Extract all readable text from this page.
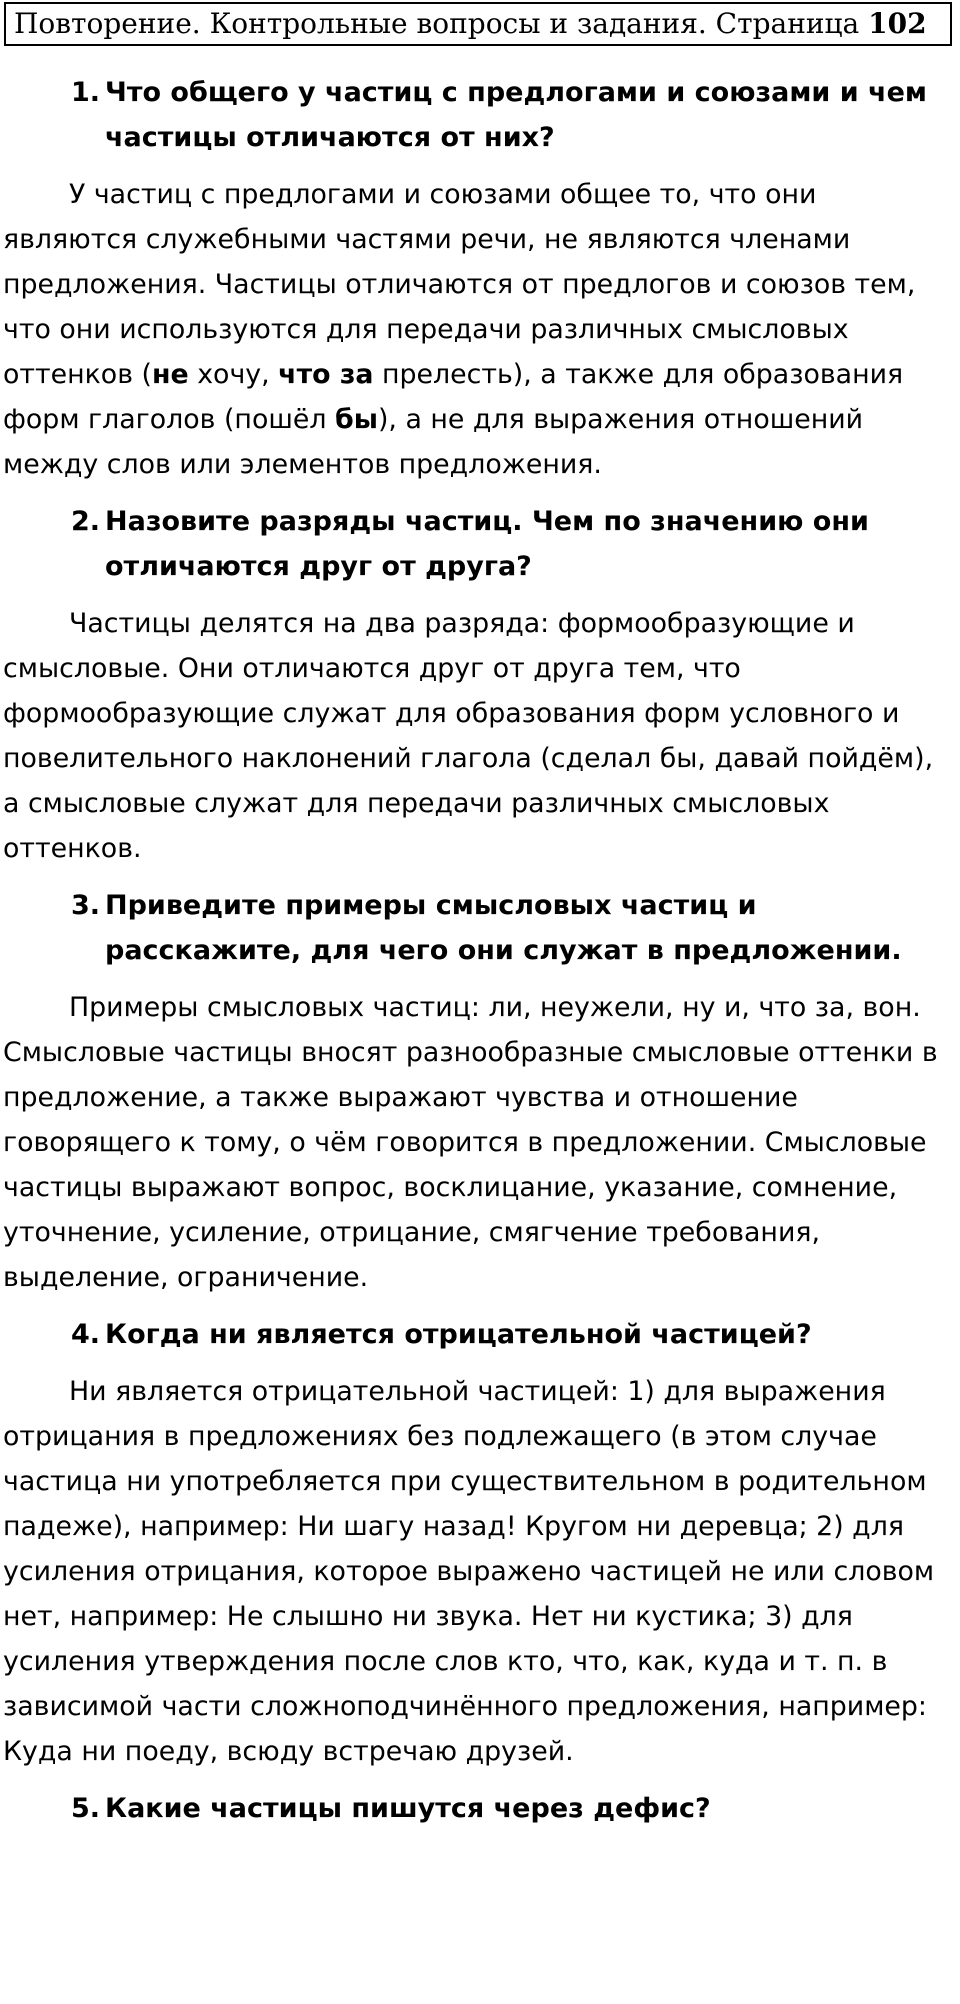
Повторение. Контрольные вопросы и задания. Страница 102

1. Что общего у частиц с предлогами и союзами и чем частицы отличаются от них?

У частиц с предлогами и союзами общее то, что они являются служебными частями речи, не являются членами предложения. Частицы отличаются от предлогов и союзов тем, что они используются для передачи различных смысловых оттенков (не хочу, что за прелесть), а также для образования форм глаголов (пошёл бы), а не для выражения отношений между слов или элементов предложения.

2. Назовите разряды частиц. Чем по значению они отличаются друг от друга?

Частицы делятся на два разряда: формообразующие и смысловые. Они отличаются друг от друга тем, что формообразующие служат для образования форм условного и повелительного наклонений глагола (сделал бы, давай пойдём), а смысловые служат для передачи различных смысловых оттенков.

3. Приведите примеры смысловых частиц и расскажите, для чего они служат в предложении.

Примеры смысловых частиц: ли, неужели, ну и, что за, вон. Смысловые частицы вносят разнообразные смысловые оттенки в предложение, а также выражают чувства и отношение говорящего к тому, о чём говорится в предложении. Смысловые частицы выражают вопрос, восклицание, указание, сомнение, уточнение, усиление, отрицание, смягчение требования, выделение, ограничение.

4. Когда ни является отрицательной частицей?

Ни является отрицательной частицей: 1) для выражения отрицания в предложениях без подлежащего (в этом случае частица ни употребляется при существительном в родительном падеже), например: Ни шагу назад! Кругом ни деревца; 2) для усиления отрицания, которое выражено частицей не или словом нет, например: Не слышно ни звука. Нет ни кустика; 3) для усиления утверждения после слов кто, что, как, куда и т. п. в зависимой части сложноподчинённого предложения, например: Куда ни поеду, всюду встречаю друзей.

5. Какие частицы пишутся через дефис?
